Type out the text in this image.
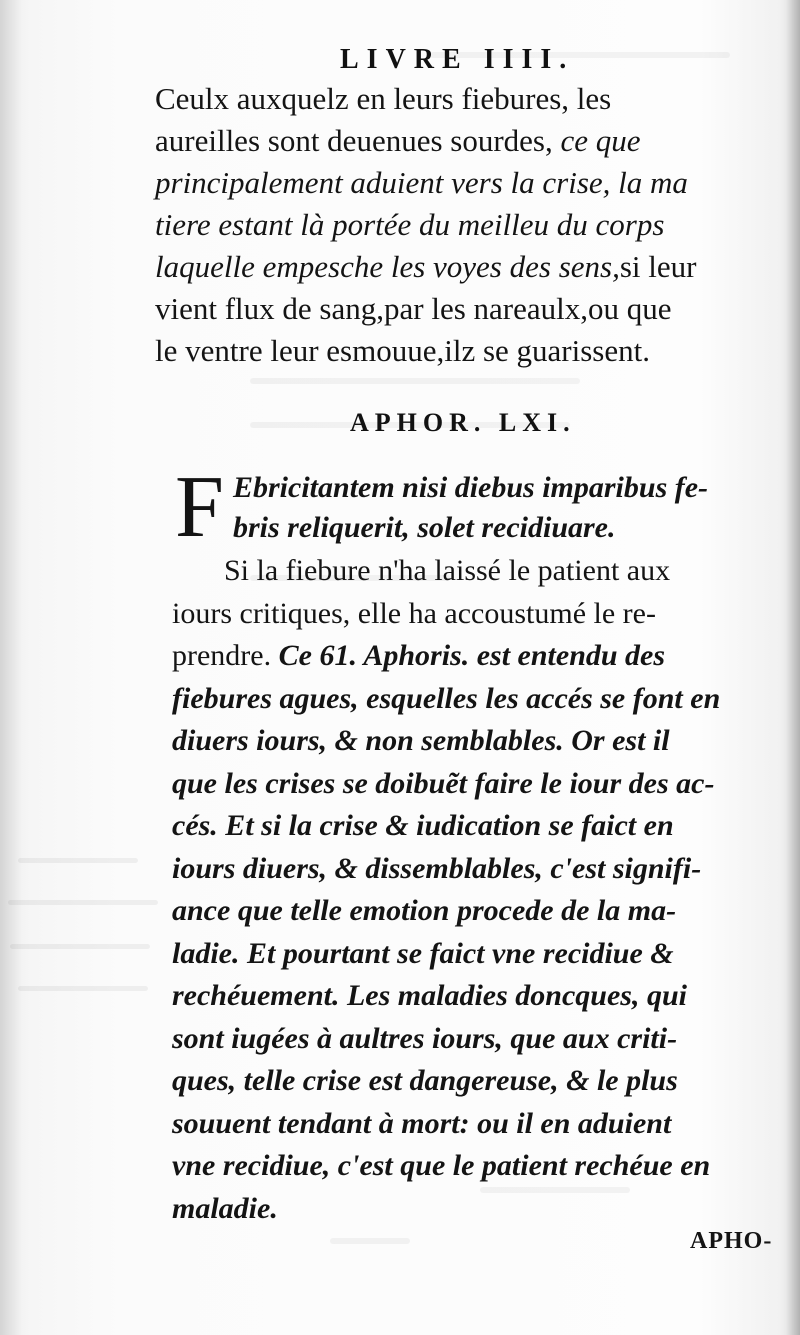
LIVRE IIII.
Ceulx auxquelz en leurs fiebures, les
aureilles sont deuenues sourdes, ce que
principalement aduient vers la crise, la ma
tiere estant là portée du meilleu du corps
laquelle empesche les voyes des sens,si leur
vient flux de sang,par les nareaulx,ou que
le ventre leur esmouue,ilz se guarissent.
APHOR. LXI.
F Ebricitantem nisi diebus imparibus fe-
bris reliquerit, solet recidiuare.
Si la fiebure n'ha laissé le patient aux
iours critiques, elle ha accoustumé le re-
prendre. Ce 61. Aphoris. est entendu des
fiebures agues, esquelles les accés se font en
diuers iours, & non semblables. Or est il
que les crises se doibuẽt faire le iour des ac-
cés. Et si la crise & iudication se faict en
iours diuers, & dissemblables, c'est signifi-
ance que telle emotion procede de la ma-
ladie. Et pourtant se faict vne recidiue &
rechéuement. Les maladies doncques, qui
sont iugées à aultres iours, que aux criti-
ques, telle crise est dangereuse, & le plus
souuent tendant à mort: ou il en aduient
vne recidiue, c'est que le patient rechéue en
maladie.
APHO-
